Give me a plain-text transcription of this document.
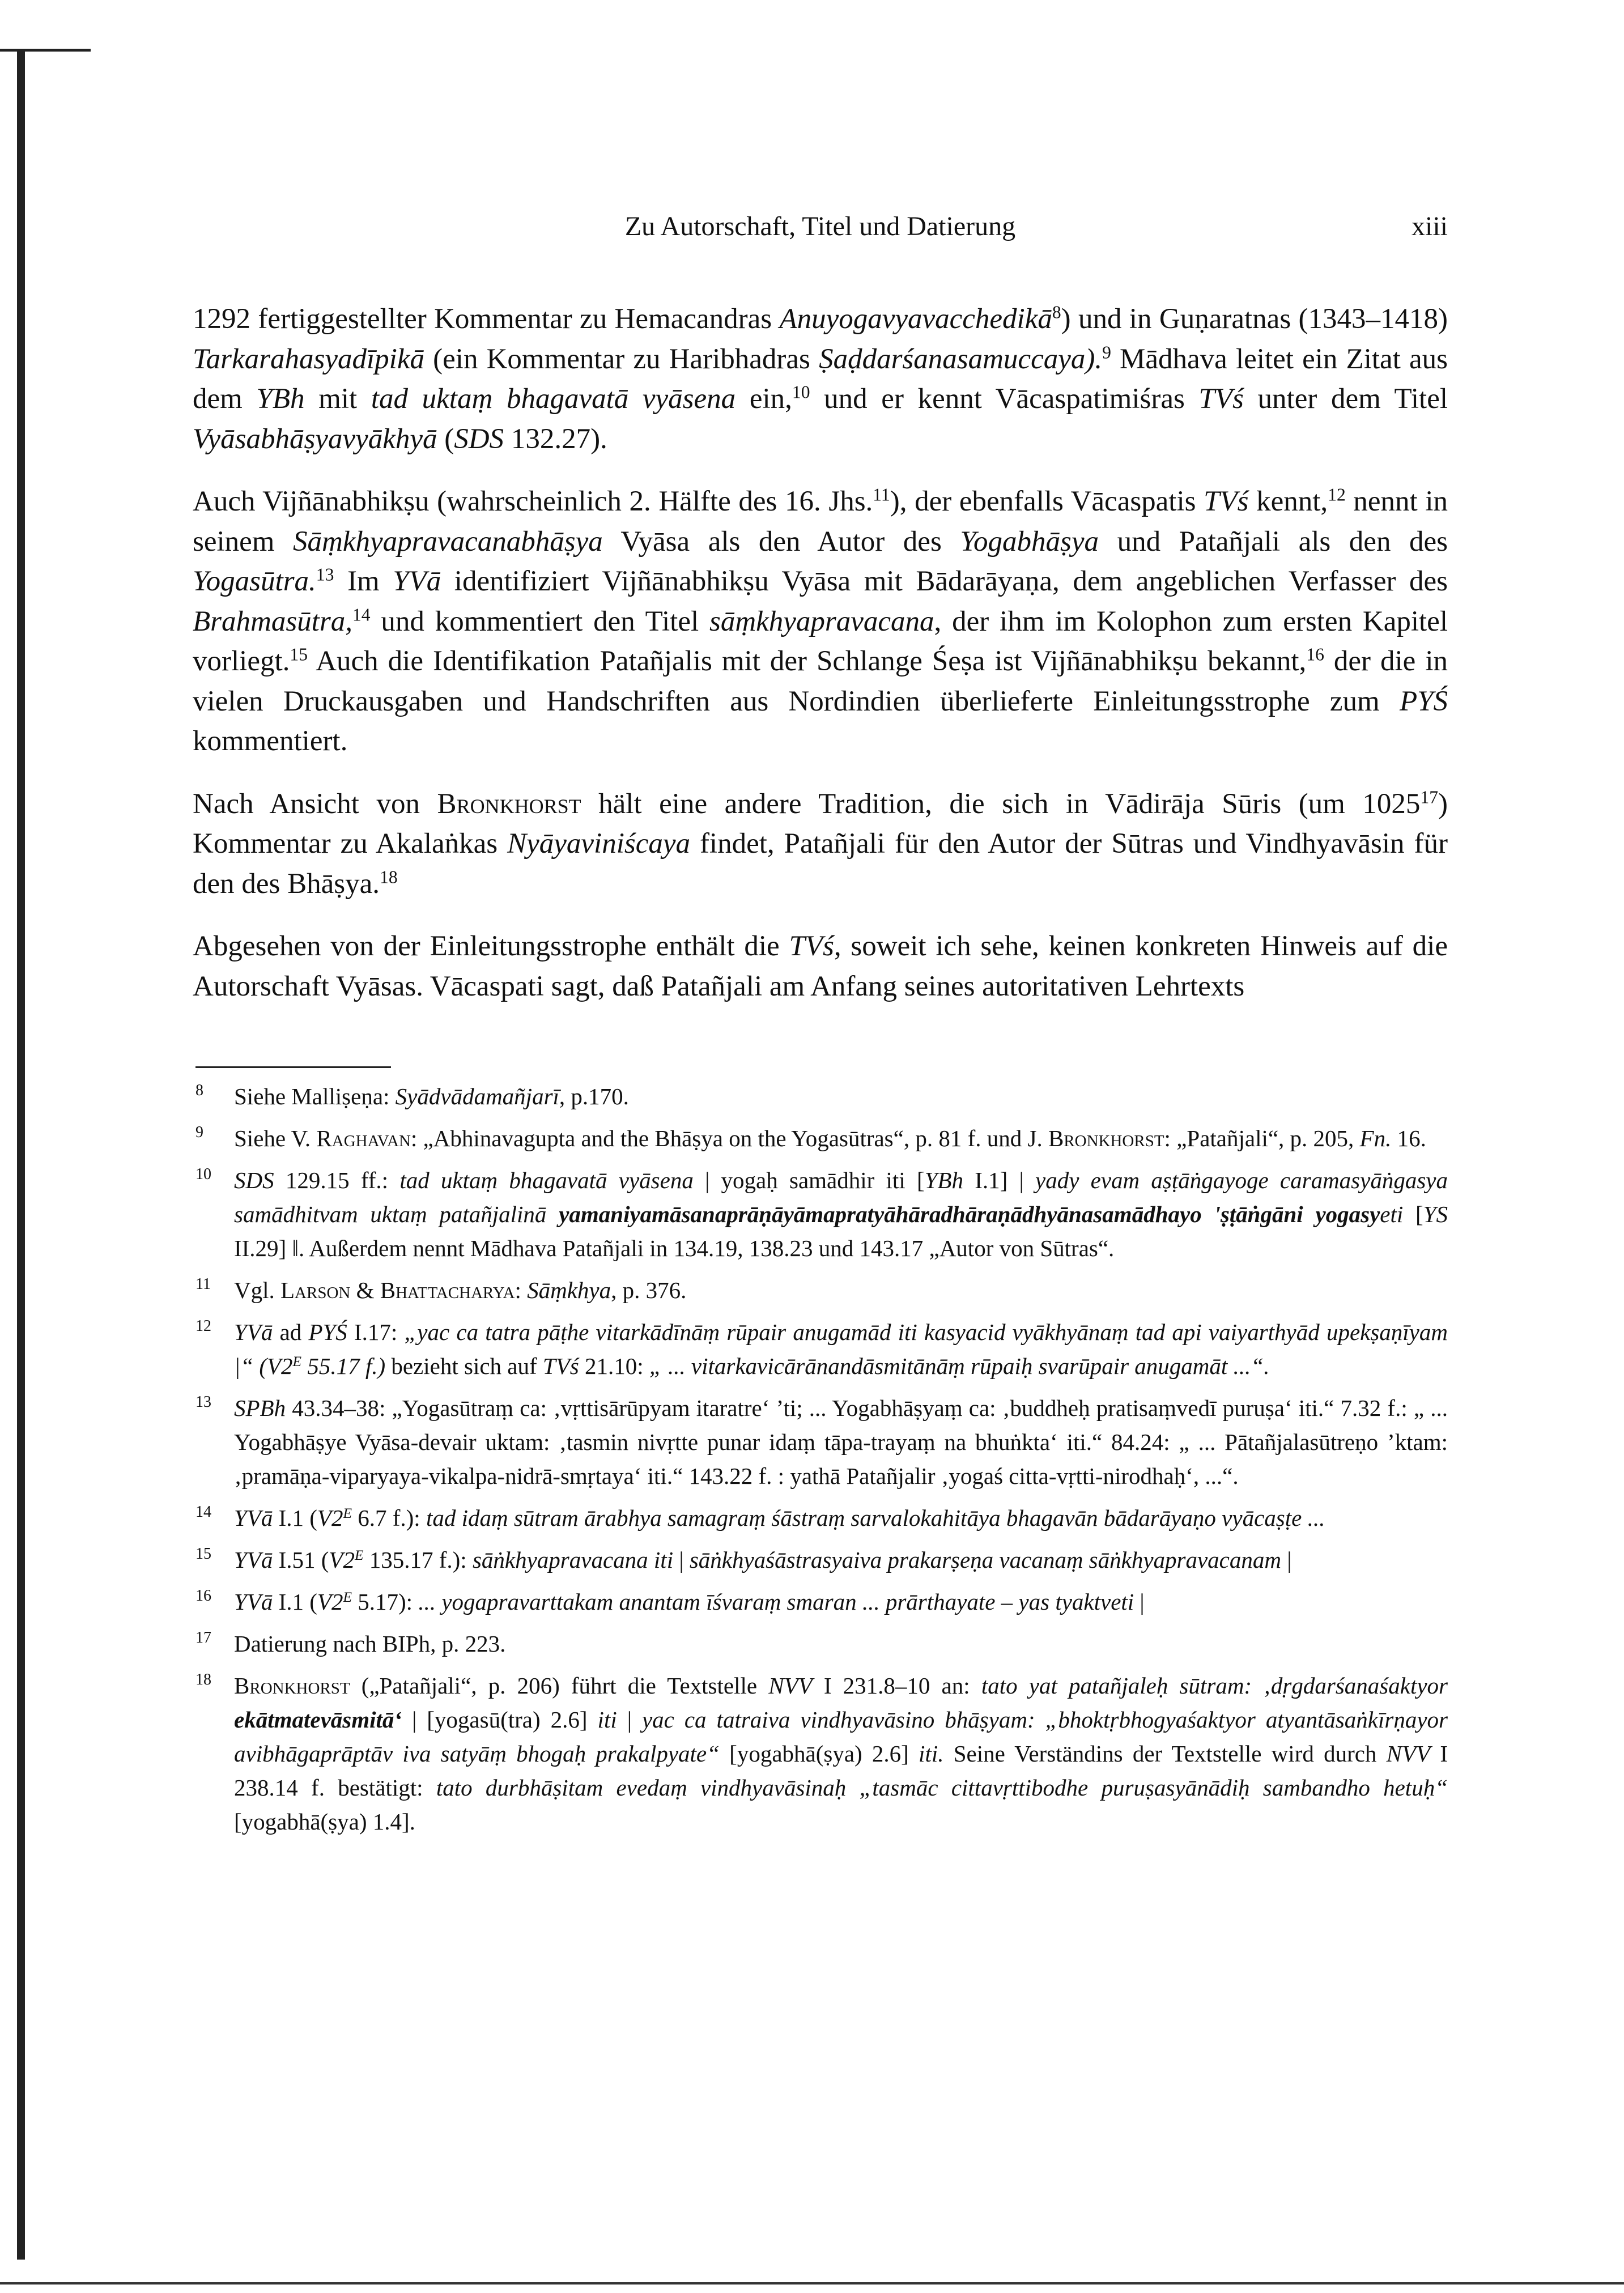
Zu Autorschaft, Titel und Datierung	xiii

1292 fertiggestellter Kommentar zu Hemacandras Anuyogavyavacchedikā$^8$) und in Guṇaratnas (1343–1418) Tarkarahasyadīpikā (ein Kommentar zu Haribhadras Ṣaḍdarśanasamuccaya).$^9$ Mādhava leitet ein Zitat aus dem YBh mit tad uktaṃ bhagavatā vyāsena ein,$^{10}$ und er kennt Vācaspatimiśras TVś unter dem Titel Vyāsabhāṣyavyākhyā (SDS 132.27).

Auch Vijñānabhikṣu (wahrscheinlich 2. Hälfte des 16. Jhs.$^{11}$), der ebenfalls Vācaspatis TVś kennt,$^{12}$ nennt in seinem Sāṃkhyapravacanabhāṣya Vyāsa als den Autor des Yogabhāṣya und Patañjali als den des Yogasūtra.$^{13}$ Im YVā identifiziert Vijñānabhikṣu Vyāsa mit Bādarāyaṇa, dem angeblichen Verfasser des Brahmasūtra,$^{14}$ und kommentiert den Titel sāṃkhyapravacana, der ihm im Kolophon zum ersten Kapitel vorliegt.$^{15}$ Auch die Identifikation Patañjalis mit der Schlange Śeṣa ist Vijñānabhikṣu bekannt,$^{16}$ der die in vielen Druckausgaben und Handschriften aus Nordindien überlieferte Einleitungsstrophe zum PYŚ kommentiert.

Nach Ansicht von Bronkhorst hält eine andere Tradition, die sich in Vādirāja Sūris (um 1025$^{17}$) Kommentar zu Akalaṅkas Nyāyaviniścaya findet, Patañjali für den Autor der Sūtras und Vindhyavāsin für den des Bhāṣya.$^{18}$

Abgesehen von der Einleitungsstrophe enthält die TVś, soweit ich sehe, keinen konkreten Hinweis auf die Autorschaft Vyāsas. Vācaspati sagt, daß Patañjali am Anfang seines autoritativen Lehrtexts

8	Siehe Malliṣeṇa: Syādvādamañjarī, p.170.
9	Siehe V. Raghavan: „Abhinavagupta and the Bhāṣya on the Yogasūtras“, p. 81 f. und J. Bronkhorst: „Patañjali“, p. 205, Fn. 16.
10 SDS 129.15 ff.: tad uktaṃ bhagavatā vyāsena | yogaḥ samādhir iti [YBh I.1] | yady evam aṣṭāṅgayoge caramasyāṅgasya samādhitvam uktaṃ patañjalinā yamaniyamāsanaprāṇāyāmapratyāhāradhāraṇādhyānasamādhayo 'ṣṭāṅgāni yogasyeti [YS II.29] ‖. Außerdem nennt Mādhava Patañjali in 134.19, 138.23 und 143.17 „Autor von Sūtras“.
11	Vgl. Larson & Bhattacharya: Sāṃkhya, p. 376.
12 YVā ad PYŚ I.17: „yac ca tatra pāṭhe vitarkādīnāṃ rūpair anugamād iti kasyacid vyākhyānaṃ tad api vaiyarthyād upekṣaṇīyam |“ ($V2^E$ 55.17 f.) bezieht sich auf TVś 21.10: „ ... vitarkavicārānandāsmitānāṃ rūpaiḥ svarūpair anugamāt ...“.
13 SPBh 43.34–38: „Yogasūtraṃ ca: ‚vṛttisārūpyam itaratre‘ ’ti; ... Yogabhāṣyaṃ ca: ‚buddheḥ pratisaṃvedī puruṣa‘ iti.“ 7.32 f.: „ ... Yogabhāṣye Vyāsa-devair uktam: ‚tasmin nivṛtte punar idaṃ tāpa-trayaṃ na bhuṅkta‘ iti.“ 84.24: „ ... Pātañjalasūtreṇo ’ktam: ‚pramāṇa-viparyaya-vikalpa-nidrā-smṛtaya‘ iti.“ 143.22 f. : yathā Patañjalir ‚yogaś citta-vṛtti-nirodhaḥ‘, ...“.
14 YVā I.1 ($V2^E$ 6.7 f.): tad idaṃ sūtram ārabhya samagraṃ śāstraṃ sarvalokahitāya bhagavān bādarāyaṇo vyācaṣṭe ...
15 YVā I.51 ($V2^E$ 135.17 f.): sāṅkhyapravacana iti | sāṅkhyaśāstrasyaiva prakarṣeṇa vacanaṃ sāṅkhyapravacanam |
16 YVā I.1 ($V2^E$ 5.17): ... yogapravarttakam anantam īśvaraṃ smaran ... prārthayate – yas tyaktveti |
17 Datierung nach BIPh, p. 223.
18 Bronkhorst („Patañjali“, p. 206) führt die Textstelle NVV I 231.8–10 an: tato yat patañjaleḥ sūtram: ‚dṛgdarśanaśaktyor ekātmatevāsmitā‘ | [yogasū(tra) 2.6] iti | yac ca tatraiva vindhyavāsino bhāṣyam: „bhoktṛbhogyaśaktyor atyantāsaṅkīrṇayor avibhāgaprāptāv iva satyāṃ bhogaḥ prakalpyate“ [yogabhā(ṣya) 2.6] iti. Seine Verständins der Textstelle wird durch NVV I 238.14 f. bestätigt: tato durbhāṣitam evedaṃ vindhyavāsinaḥ „tasmāc cittavṛttibodhe puruṣasyānādiḥ sambandho hetuḥ“ [yogabhā(ṣya) 1.4].
